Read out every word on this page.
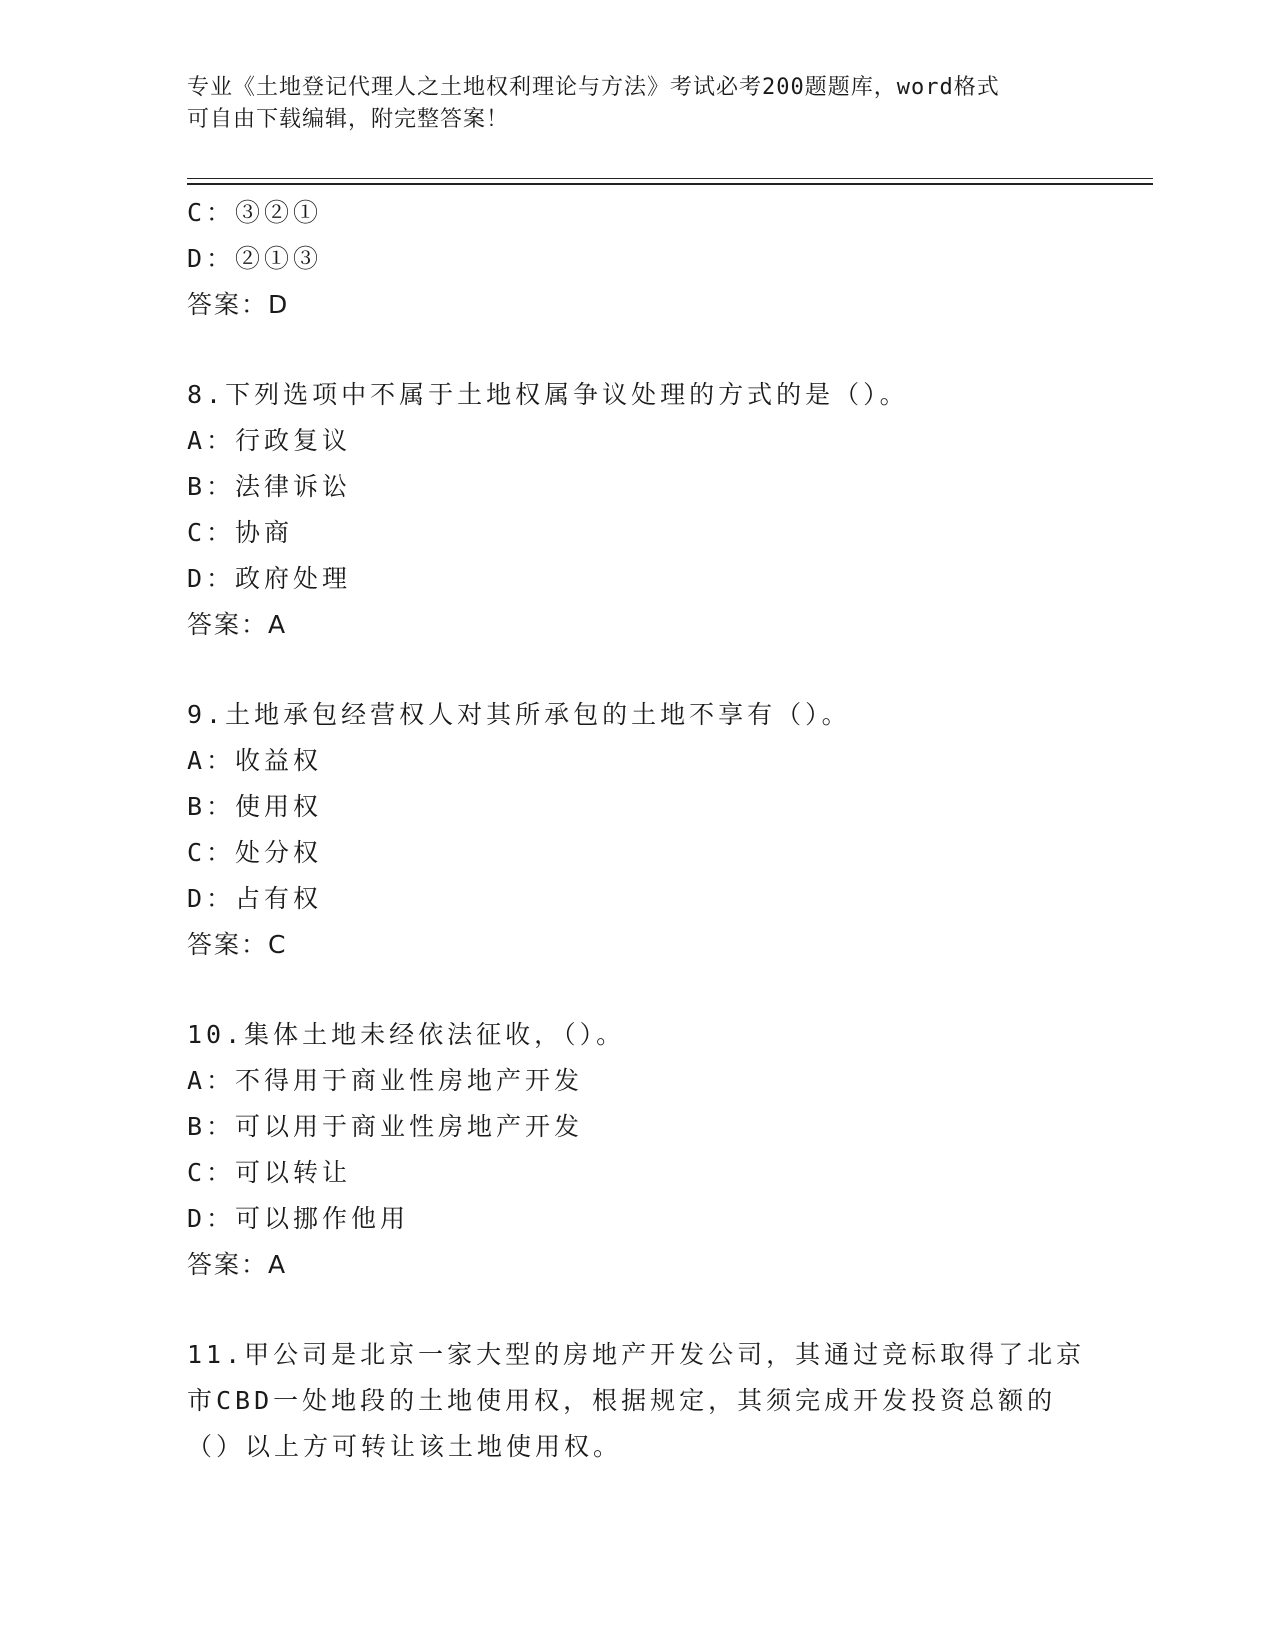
专业《土地登记代理人之土地权利理论与方法》考试必考200题题库，word格式
可自由下载编辑，附完整答案！
C：③②①
D：②①③
答案：D
8.下列选项中不属于土地权属争议处理的方式的是（）。
A：行政复议
B：法律诉讼
C：协商
D：政府处理
答案：A
9.土地承包经营权人对其所承包的土地不享有（）。
A：收益权
B：使用权
C：处分权
D：占有权
答案：C
10.集体土地未经依法征收，（）。
A：不得用于商业性房地产开发
B：可以用于商业性房地产开发
C：可以转让
D：可以挪作他用
答案：A
11.甲公司是北京一家大型的房地产开发公司，其通过竞标取得了北京
市CBD一处地段的土地使用权，根据规定，其须完成开发投资总额的
（）以上方可转让该土地使用权。
